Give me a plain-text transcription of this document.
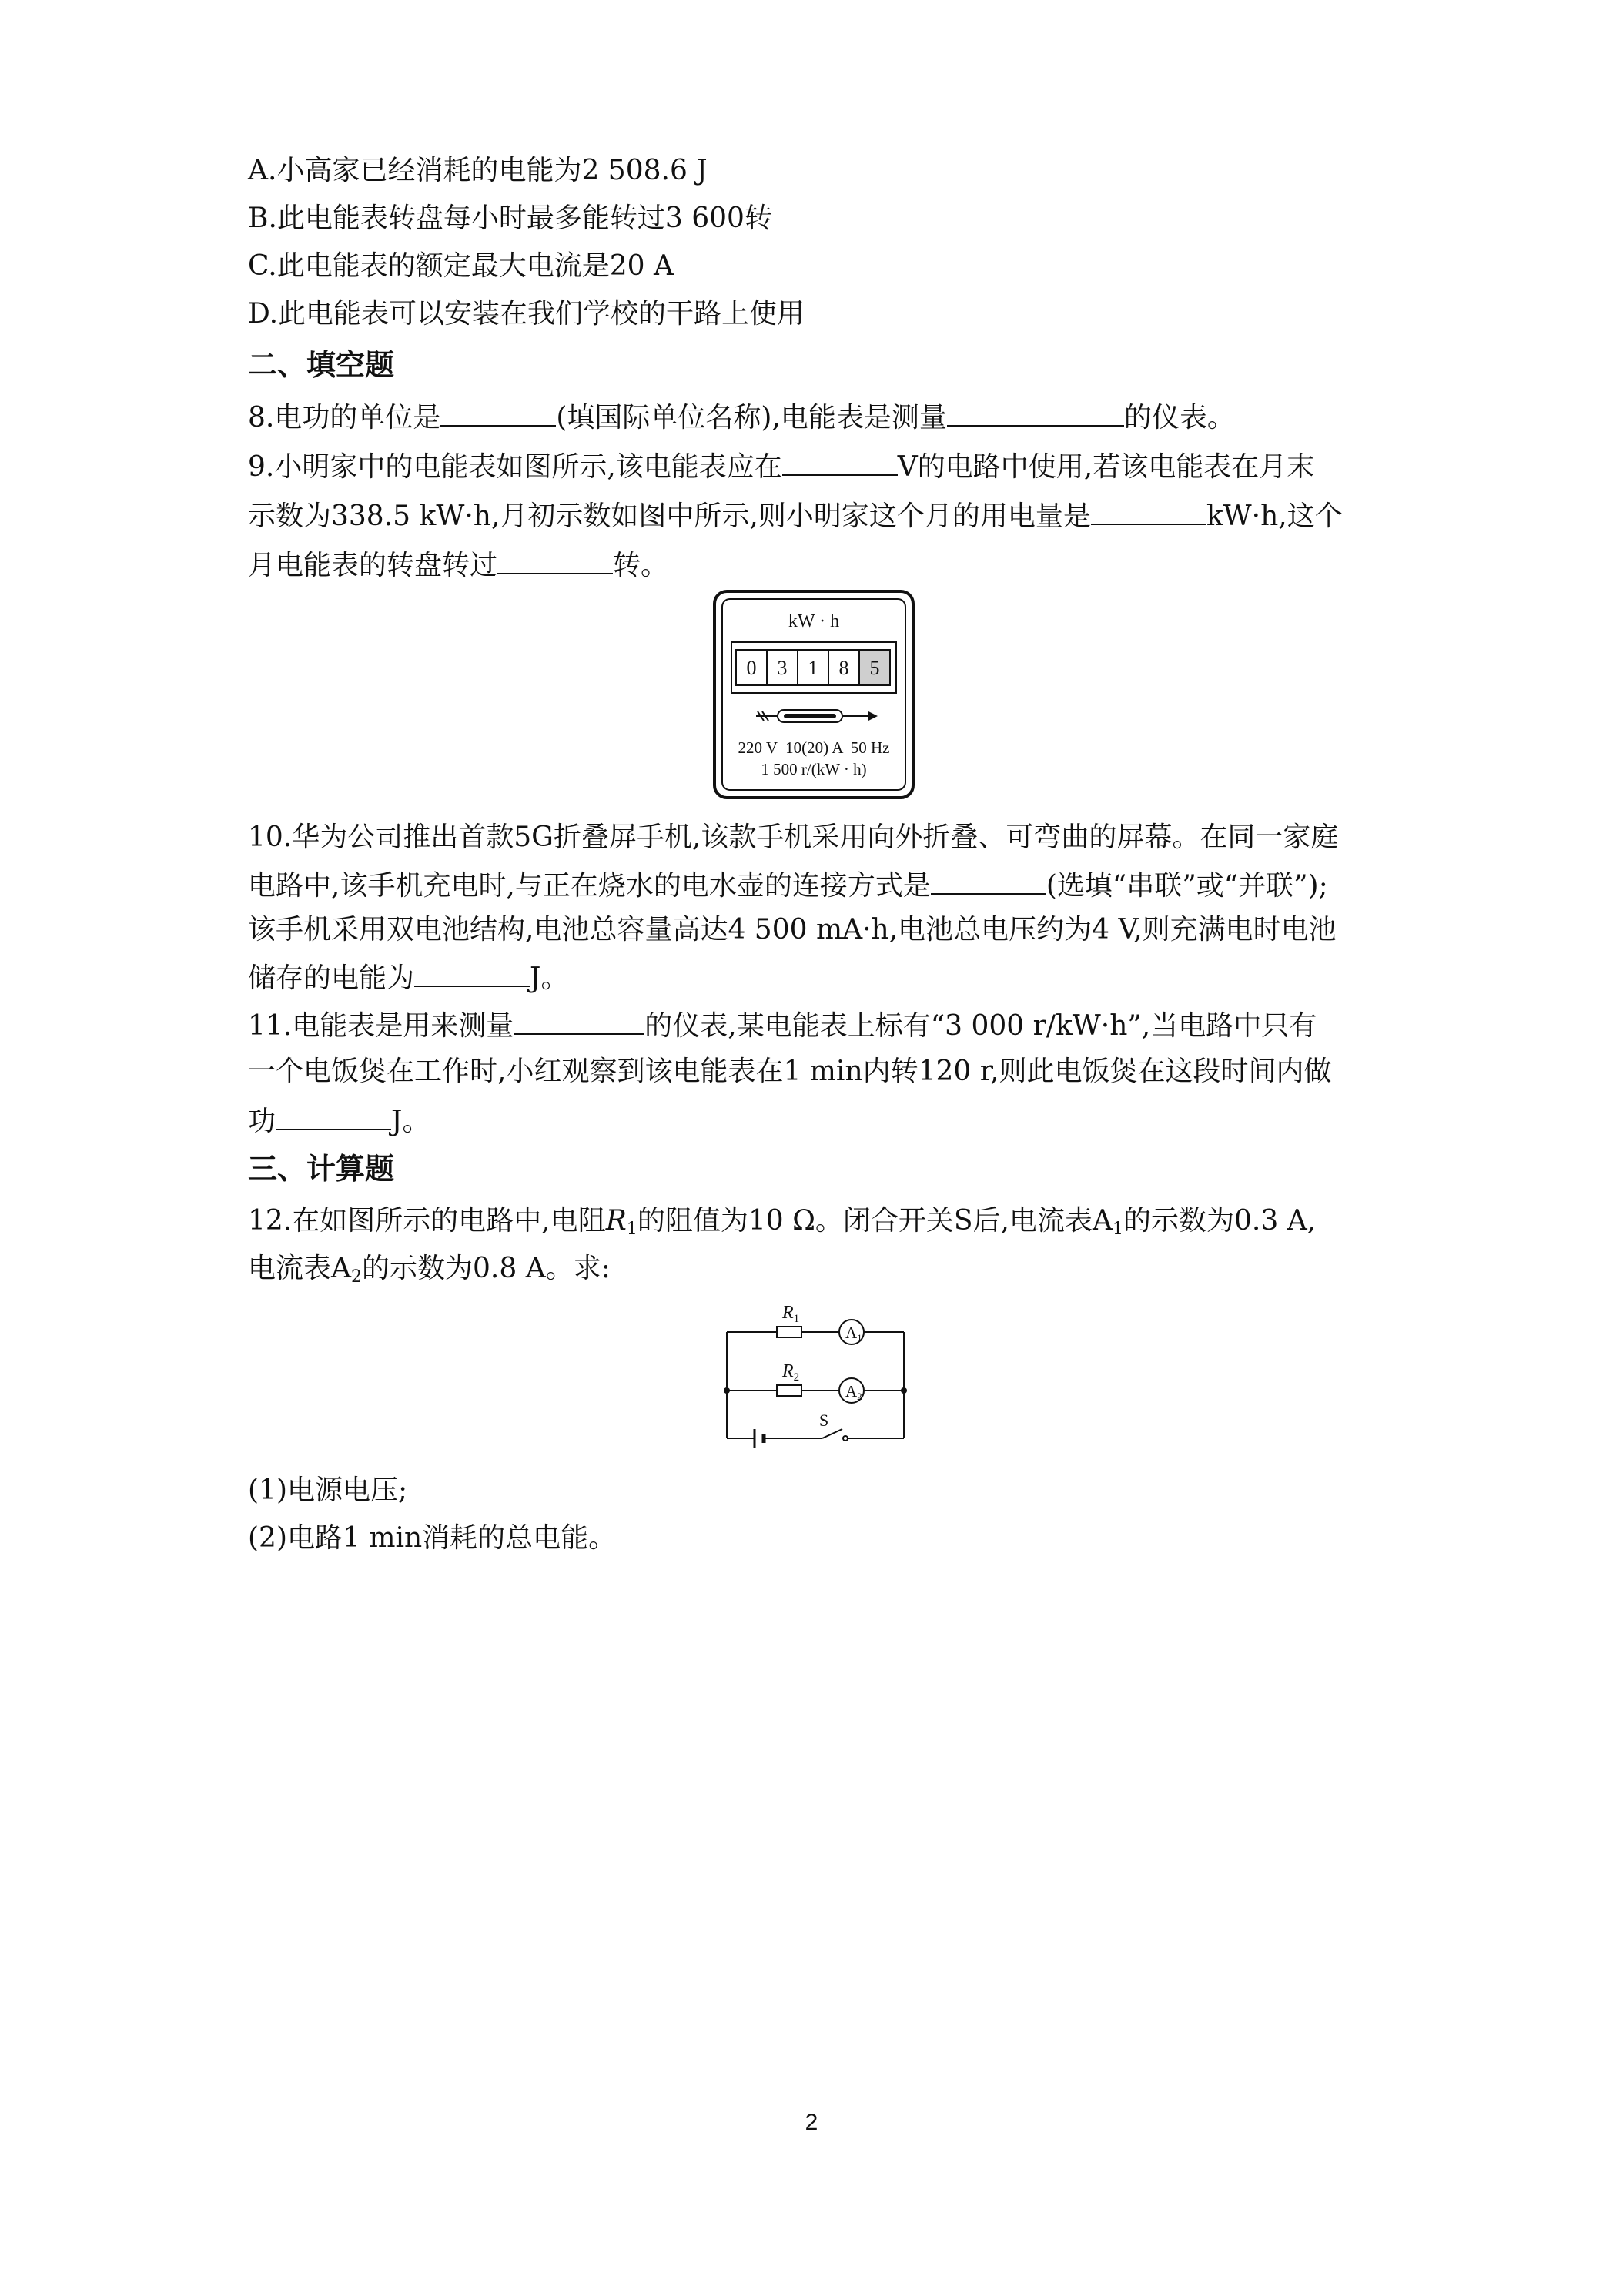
A.小高家已经消耗的电能为2 508.6 J
B.此电能表转盘每小时最多能转过3 600转
C.此电能表的额定最大电流是20 A
D.此电能表可以安装在我们学校的干路上使用
二、填空题
8.电功的单位是	(填国际单位名称),电能表是测量	的仪表。
9.小明家中的电能表如图所示,该电能表应在	V的电路中使用,若该电能表在月末
示数为338.5 kW·h,月初示数如图中所示,则小明家这个月的用电量是	kW·h,这个
月电能表的转盘转过	转。
kW · h
0 3 1 8 5
220 V  10(20) A  50 Hz
1 500 r/(kW · h)
10.华为公司推出首款5G折叠屏手机,该款手机采用向外折叠、可弯曲的屏幕。在同一家庭
电路中,该手机充电时,与正在烧水的电水壶的连接方式是	(选填“串联”或“并联”);
该手机采用双电池结构,电池总容量高达4 500 mA·h,电池总电压约为4 V,则充满电时电池
储存的电能为	J。
11.电能表是用来测量	的仪表,某电能表上标有“3 000 r/kW·h”,当电路中只有
一个电饭煲在工作时,小红观察到该电能表在1 min内转120 r,则此电饭煲在这段时间内做
功	J。
三、计算题
12.在如图所示的电路中,电阻$R_1$的阻值为10 Ω。闭合开关S后,电流表$A_1$的示数为0.3 A,
电流表$A_2$的示数为0.8 A。求:
$R_1$
$R_2$
A1
A2
S
(1)电源电压;
(2)电路1 min消耗的总电能。
2
